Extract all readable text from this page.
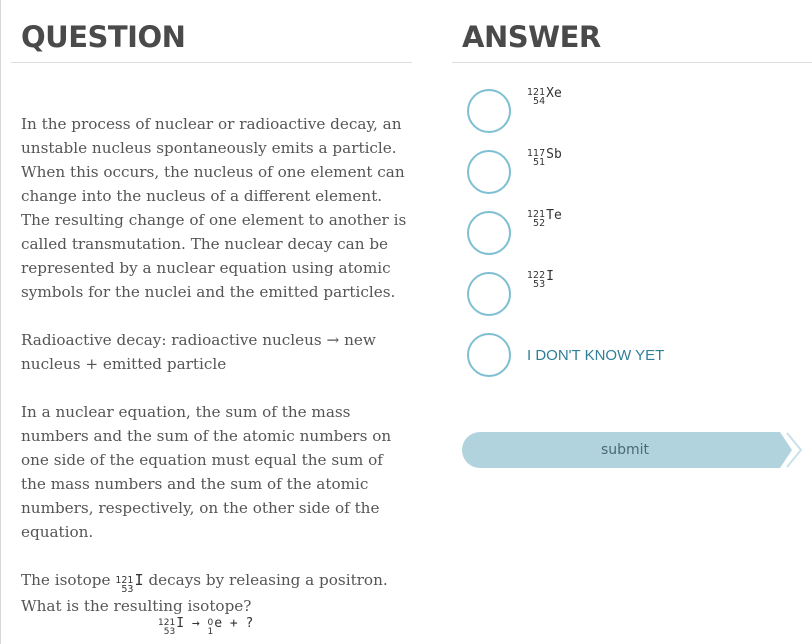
QUESTION	ANSWER

In the process of nuclear or radioactive decay, an unstable nucleus spontaneously emits a particle. When this occurs, the nucleus of one element can change into the nucleus of a different element. The resulting change of one element to another is called transmutation. The nuclear decay can be represented by a nuclear equation using atomic symbols for the nuclei and the emitted particles.

Radioactive decay: radioactive nucleus → new nucleus + emitted particle

In a nuclear equation, the sum of the mass numbers and the sum of the atomic numbers on one side of the equation must equal the sum of the mass numbers and the sum of the atomic numbers, respectively, on the other side of the equation.

The isotope 121
53
I decays by releasing a positron. What is the resulting isotope?

121
53
I → 0
1
e + ?
121
54
Xe
117
51
Sb
121
52
Te
122
53
I
I DON'T KNOW YET
submit
